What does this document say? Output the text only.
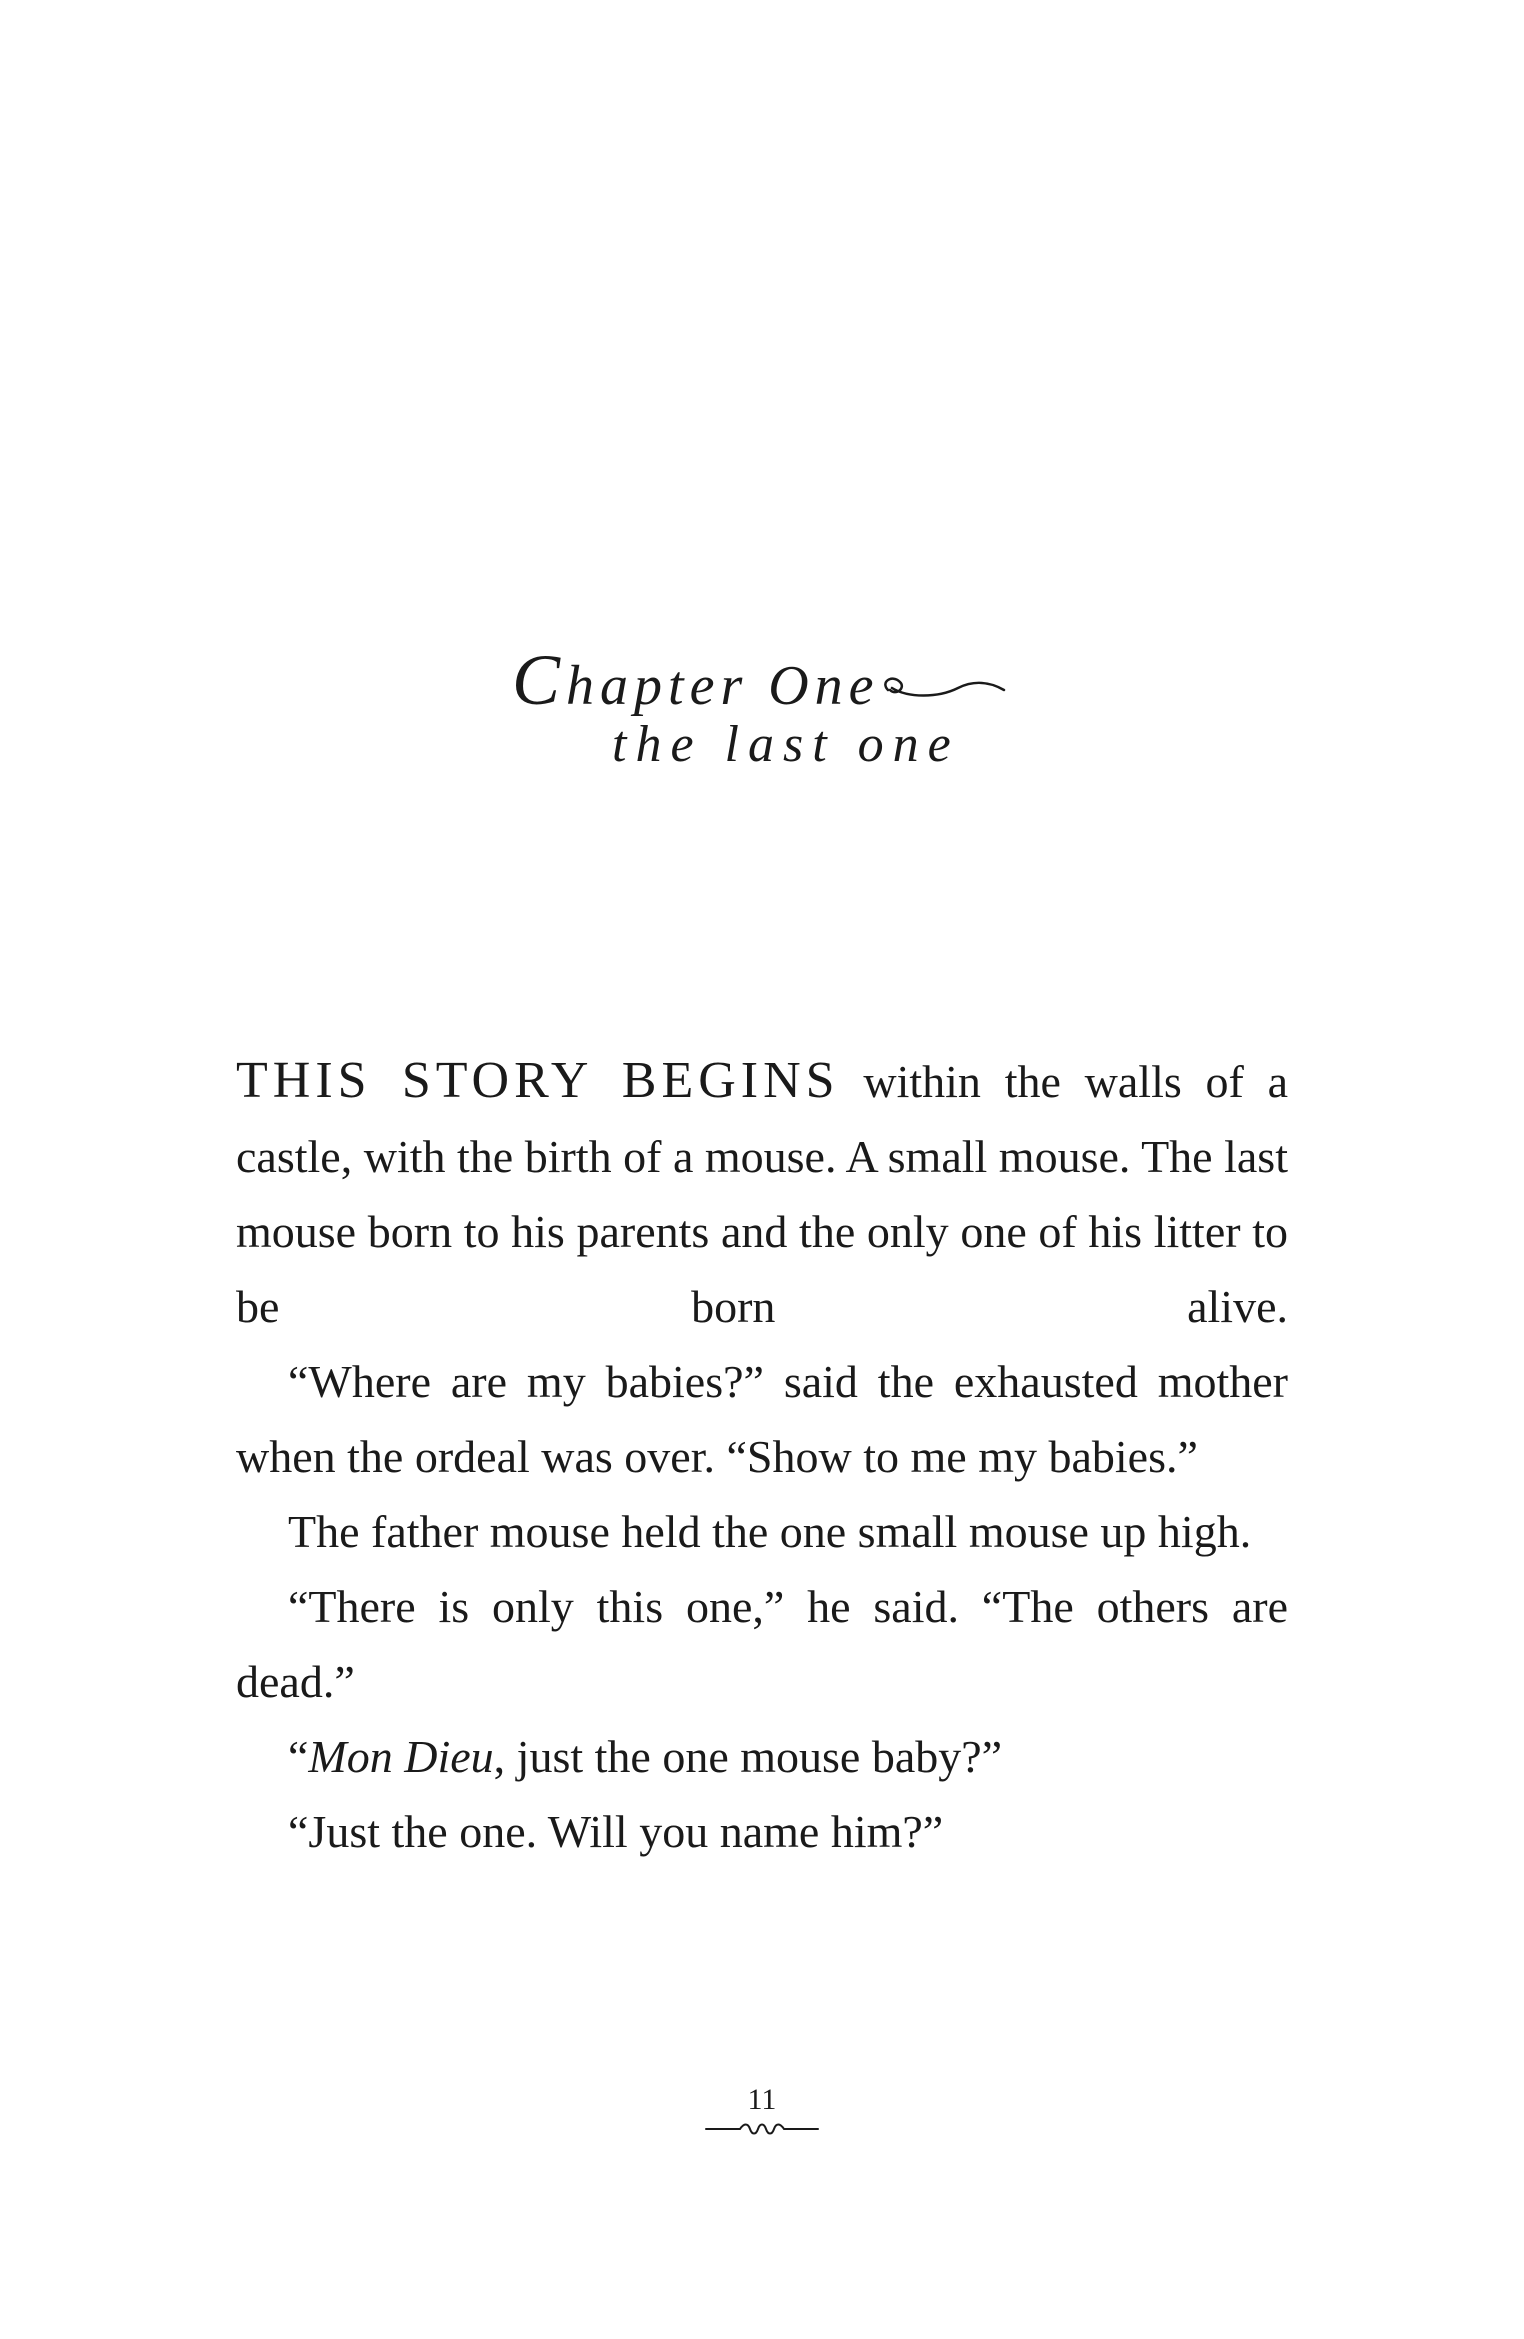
Chapter One
the last one

THIS STORY BEGINS within the walls of a castle, with the birth of a mouse. A small mouse. The last mouse born to his parents and the only one of his litter to be born alive.

“Where are my babies?” said the exhausted mother when the ordeal was over. “Show to me my babies.”

The father mouse held the one small mouse up high.

“There is only this one,” he said. “The others are dead.”

“Mon Dieu, just the one mouse baby?”

“Just the one. Will you name him?”

11
